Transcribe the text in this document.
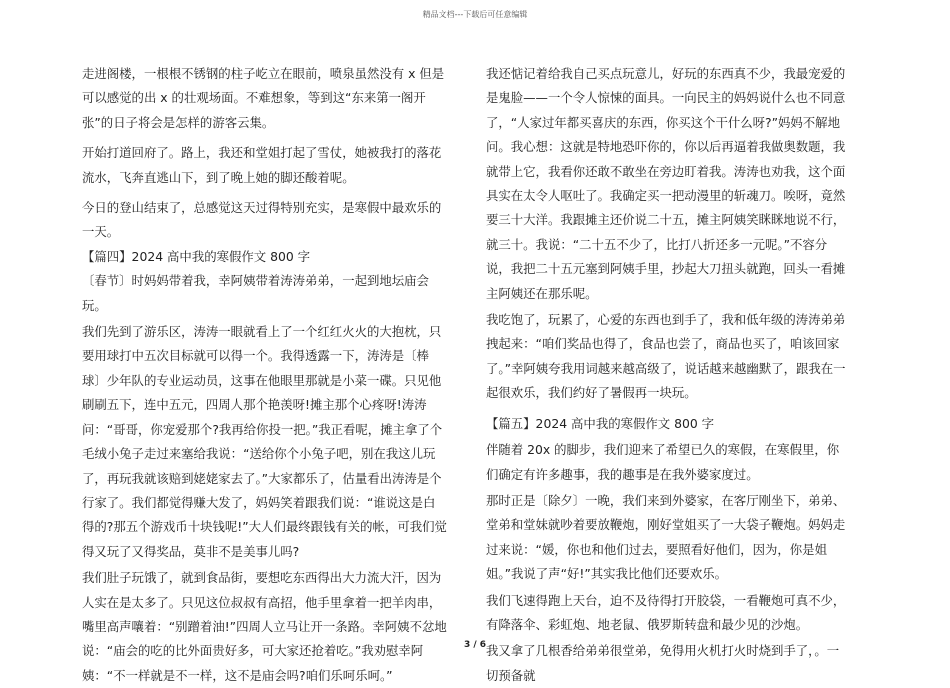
精品文档---下载后可任意编辑

走进阁楼，一根根不锈钢的柱子屹立在眼前，喷泉虽然没有 x 但是可以感觉的出 x 的壮观场面。不难想象，等到这“东来第一阁开张”的日子将会是怎样的游客云集。

开始打道回府了。路上，我还和堂姐打起了雪仗，她被我打的落花流水，飞奔直逃山下，到了晚上她的脚还酸着呢。

今日的登山结束了，总感觉这天过得特别充实，是寒假中最欢乐的一天。

【篇四】2024 高中我的寒假作文 800 字

〔春节〕时妈妈带着我，幸阿姨带着涛涛弟弟，一起到地坛庙会玩。

我们先到了游乐区，涛涛一眼就看上了一个红红火火的大抱枕，只要用球打中五次目标就可以得一个。我得透露一下，涛涛是〔棒球〕少年队的专业运动员，这事在他眼里那就是小菜一碟。只见他刷刷五下，连中五元，四周人那个艳羡呀!摊主那个心疼呀!涛涛问：“哥哥，你宠爱那个?我再给你投一把。”我正看呢，摊主拿了个毛绒小兔子走过来塞给我说：“送给你个小兔子吧，别在我这儿玩了，再玩我就该赔到姥姥家去了。”大家都乐了，估量看出涛涛是个行家了。我们都觉得赚大发了，妈妈笑着跟我们说：“谁说这是白得的?那五个游戏币十块钱呢!”大人们最终跟钱有关的帐，可我们觉得又玩了又得奖品，莫非不是美事儿吗?

我们肚子玩饿了，就到食品街，要想吃东西得出大力流大汗，因为人实在是太多了。只见这位叔叔有高招，他手里拿着一把羊肉串，嘴里高声嚷着：“别蹭着油!”四周人立马让开一条路。幸阿姨不忿地说：“庙会的吃的比外面贵好多，可大家还抢着吃。”我劝慰幸阿姨：“不一样就是不一样，这不是庙会吗?咱们乐呵乐呵。”

我还惦记着给我自己买点玩意儿，好玩的东西真不少，我最宠爱的是鬼脸——一个令人惊悚的面具。一向民主的妈妈说什么也不同意了，“人家过年都买喜庆的东西，你买这个干什么呀?”妈妈不解地问。我心想：这就是特地恐吓你的，你以后再逼着我做奥数题，我就带上它，我看你还敢不敢坐在旁边盯着我。涛涛也劝我，这个面具实在太令人呕吐了。我确定买一把动漫里的斩魂刀。唉呀，竟然要三十大洋。我跟摊主还价说二十五，摊主阿姨笑眯眯地说不行，就三十。我说：“二十五不少了，比打八折还多一元呢。”不容分说，我把二十五元塞到阿姨手里，抄起大刀扭头就跑，回头一看摊主阿姨还在那乐呢。

我吃饱了，玩累了，心爱的东西也到手了，我和低年级的涛涛弟弟拽起来：“咱们奖品也得了，食品也尝了，商品也买了，咱该回家了。”幸阿姨夸我用词越来越高级了，说话越来越幽默了，跟我在一起很欢乐，我们约好了暑假再一块玩。

【篇五】2024 高中我的寒假作文 800 字

伴随着 20x 的脚步，我们迎来了希望已久的寒假，在寒假里，你们确定有许多趣事，我的趣事是在我外婆家度过。

那时正是〔除夕〕一晚，我们来到外婆家，在客厅刚坐下，弟弟、堂弟和堂妹就吵着要放鞭炮，刚好堂姐买了一大袋子鞭炮。妈妈走过来说：“媛，你也和他们过去，要照看好他们，因为，你是姐姐。”我说了声“好!”其实我比他们还要欢乐。

我们飞速得跑上天台，迫不及待得打开胶袋，一看鞭炮可真不少，有降落伞、彩虹炮、地老鼠、俄罗斯转盘和最少见的沙炮。

我又拿了几根香给弟弟很堂弟，免得用火机打火时烧到手了，。一切预备就

3 / 6
